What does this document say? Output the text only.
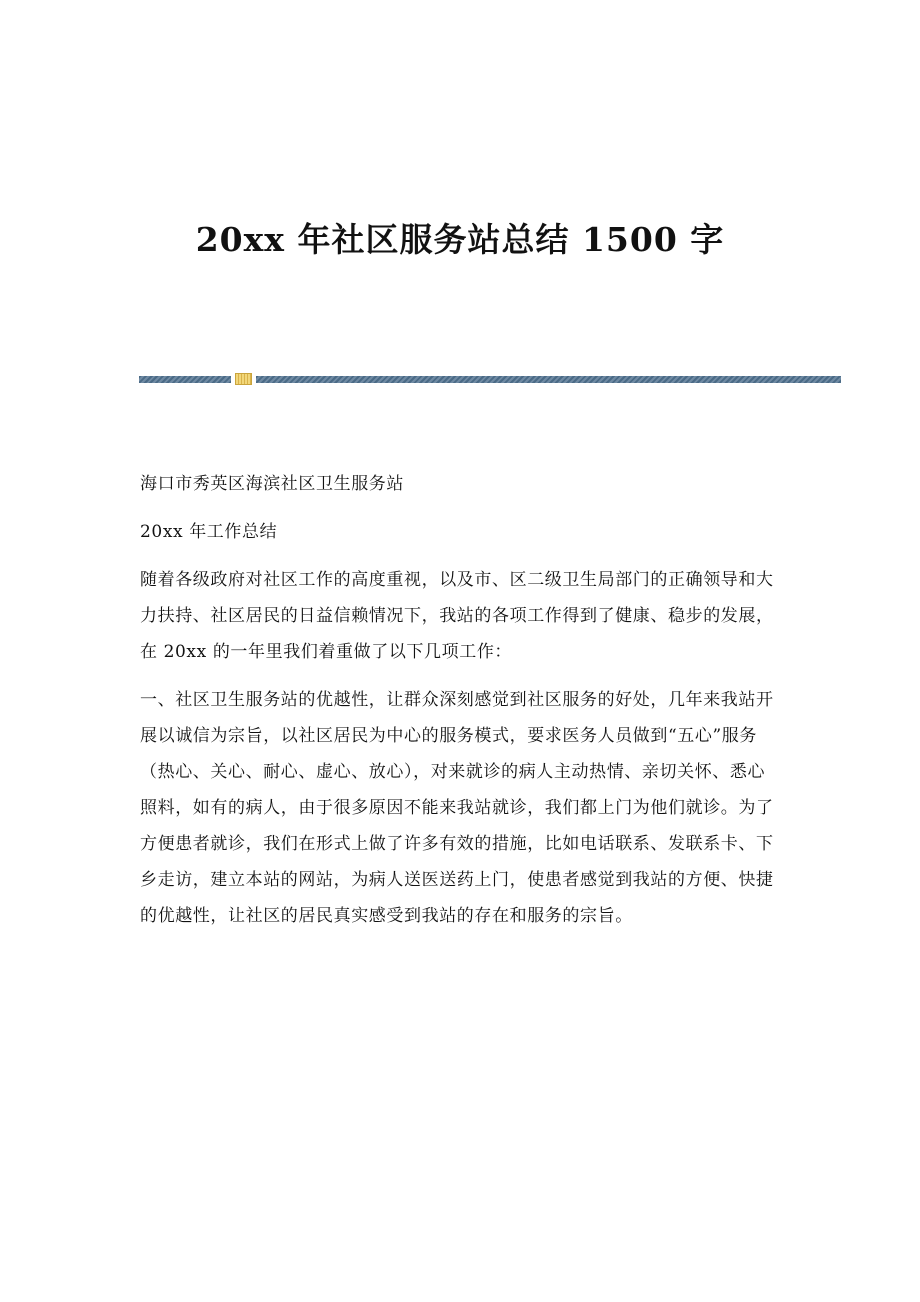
20xx 年社区服务站总结 1500 字

海口市秀英区海滨社区卫生服务站

20xx 年工作总结

随着各级政府对社区工作的高度重视，以及市、区二级卫生局部门的正确领导和大力扶持、社区居民的日益信赖情况下，我站的各项工作得到了健康、稳步的发展，在 20xx 的一年里我们着重做了以下几项工作：

一、社区卫生服务站的优越性，让群众深刻感觉到社区服务的好处，几年来我站开展以诚信为宗旨，以社区居民为中心的服务模式，要求医务人员做到“五心”服务（热心、关心、耐心、虚心、放心），对来就诊的病人主动热情、亲切关怀、悉心照料，如有的病人，由于很多原因不能来我站就诊，我们都上门为他们就诊。为了方便患者就诊，我们在形式上做了许多有效的措施，比如电话联系、发联系卡、下乡走访，建立本站的网站，为病人送医送药上门，使患者感觉到我站的方便、快捷的优越性，让社区的居民真实感受到我站的存在和服务的宗旨。
